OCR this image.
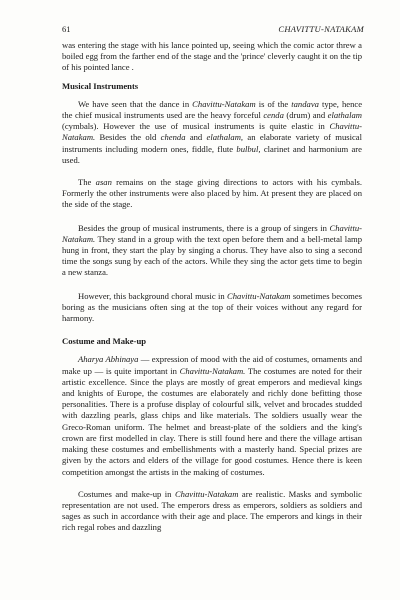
61	CHAVITTU-NATAKAM

was entering the stage with his lance pointed up, seeing which the comic actor threw a boiled egg from the farther end of the stage and the 'prince' cleverly caught it on the tip of his pointed lance .

Musical Instruments

We have seen that the dance in Chavittu-Natakam is of the tandava type, hence the chief musical instruments used are the heavy forceful cenda (drum) and elathalam (cymbals). However the use of musical instruments is quite elastic in Chavittu-Natakam. Besides the old chenda and elathalam, an elaborate variety of musical instruments including modern ones, fiddle, flute bulbul, clarinet and harmonium are used.

The asan remains on the stage giving directions to actors with his cymbals. Formerly the other instruments were also placed by him. At present they are placed on the side of the stage.

Besides the group of musical instruments, there is a group of singers in Chavittu-Natakam. They stand in a group with the text open before them and a bell-metal lamp hung in front, they start the play by singing a chorus. They have also to sing a second time the songs sung by each of the actors. While they sing the actor gets time to begin a new stanza.

However, this background choral music in Chavittu-Natakam sometimes becomes boring as the musicians often sing at the top of their voices without any regard for harmony.

Costume and Make-up

Aharya Abhinaya — expression of mood with the aid of costumes, ornaments and make up — is quite important in Chavittu-Natakam. The costumes are noted for their artistic excellence. Since the plays are mostly of great emperors and medieval kings and knights of Europe, the costumes are elaborately and richly done befitting those personalities. There is a profuse display of colourful silk, velvet and brocades studded with dazzling pearls, glass chips and like materials. The soldiers usually wear the Greco-Roman uniform. The helmet and breast-plate of the soldiers and the king's crown are first modelled in clay. There is still found here and there the village artisan making these costumes and embellishments with a masterly hand. Special prizes are given by the actors and elders of the village for good costumes. Hence there is keen competition amongst the artists in the making of costumes.

Costumes and make-up in Chavittu-Natakam are realistic. Masks and symbolic representation are not used. The emperors dress as emperors, soldiers as soldiers and sages as such in accordance with their age and place. The emperors and kings in their rich regal robes and dazzling
